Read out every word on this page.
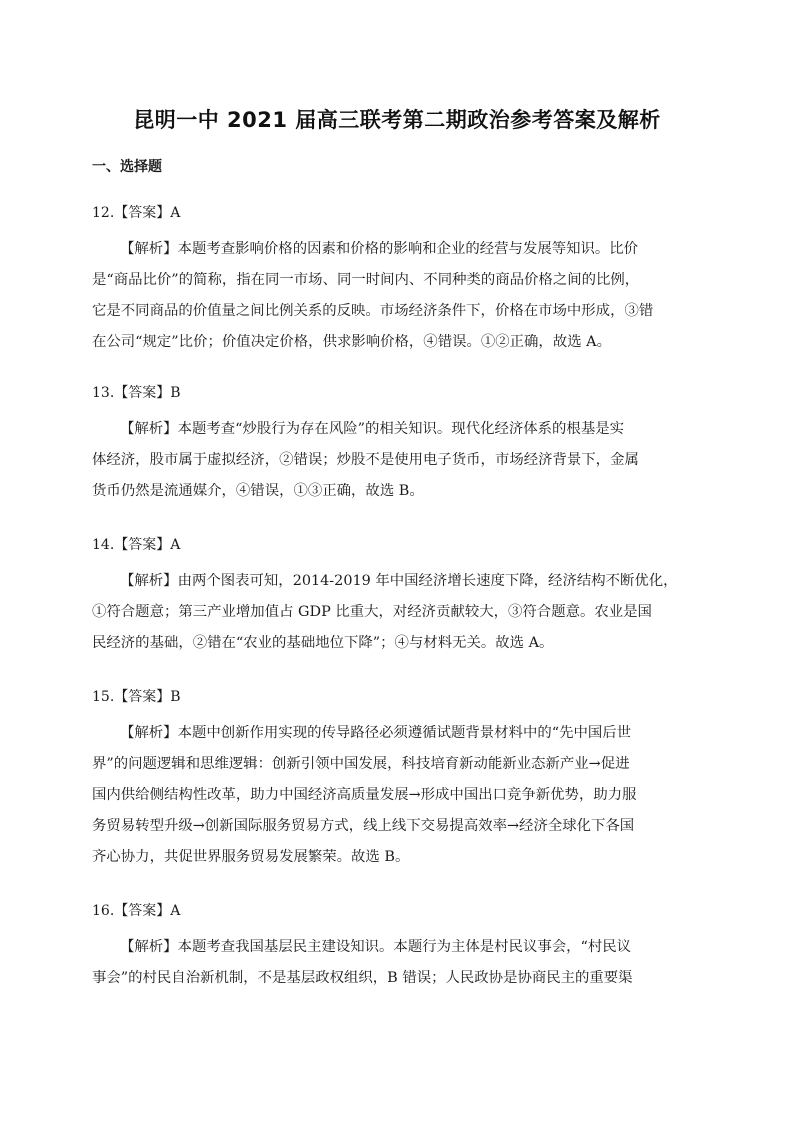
昆明一中 2021 届高三联考第二期政治参考答案及解析
一、选择题
12.【答案】A
【解析】本题考查影响价格的因素和价格的影响和企业的经营与发展等知识。比价
是“商品比价”的简称，指在同一市场、同一时间内、不同种类的商品价格之间的比例，
它是不同商品的价值量之间比例关系的反映。市场经济条件下，价格在市场中形成，③错
在公司“规定”比价；价值决定价格，供求影响价格，④错误。①②正确，故选 A。
13.【答案】B
【解析】本题考查“炒股行为存在风险”的相关知识。现代化经济体系的根基是实
体经济，股市属于虚拟经济，②错误；炒股不是使用电子货币，市场经济背景下，金属
货币仍然是流通媒介，④错误，①③正确，故选 B。
14.【答案】A
【解析】由两个图表可知，2014-2019 年中国经济增长速度下降，经济结构不断优化，
①符合题意；第三产业增加值占 GDP 比重大，对经济贡献较大，③符合题意。农业是国
民经济的基础，②错在“农业的基础地位下降”；④与材料无关。故选 A。
15.【答案】B
【解析】本题中创新作用实现的传导路径必须遵循试题背景材料中的“先中国后世
界”的问题逻辑和思维逻辑：创新引领中国发展，科技培育新动能新业态新产业→促进
国内供给侧结构性改革，助力中国经济高质量发展→形成中国出口竞争新优势，助力服
务贸易转型升级→创新国际服务贸易方式，线上线下交易提高效率→经济全球化下各国
齐心协力，共促世界服务贸易发展繁荣。故选 B。
16.【答案】A
【解析】本题考查我国基层民主建设知识。本题行为主体是村民议事会，“村民议
事会”的村民自治新机制，不是基层政权组织，B 错误；人民政协是协商民主的重要渠
